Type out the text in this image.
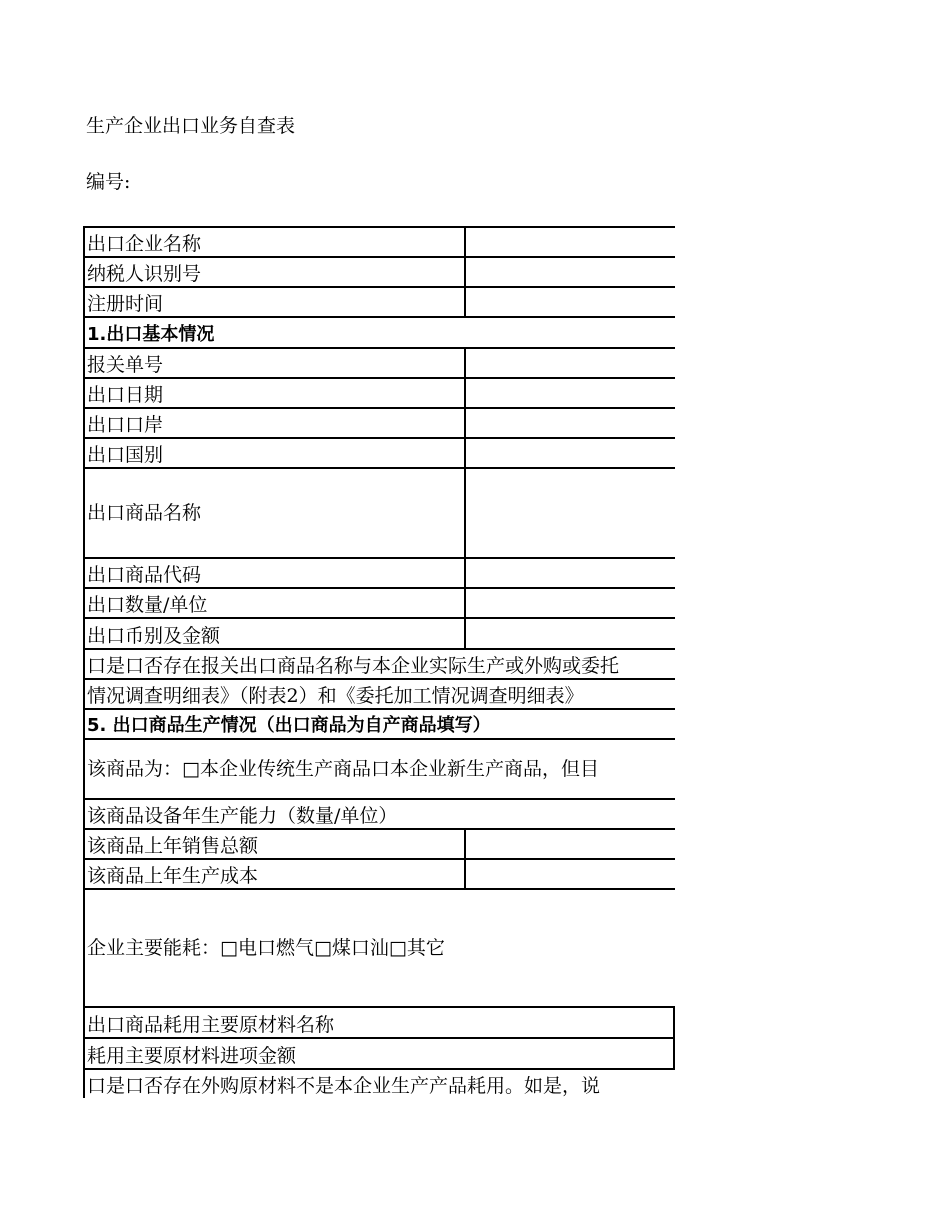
生产企业出口业务自查表
编号:
出口企业名称
纳税人识别号
注册时间
1.出口基本情况
报关单号
出口日期
出口口岸
出口国别
出口商品名称
出口商品代码
出口数量/单位
出口币别及金额
口是口否存在报关出口商品名称与本企业实际生产或外购或委托
情况调查明细表》（附表2）和《委托加工情况调查明细表》
5. 出口商品生产情况（出口商品为自产商品填写）
该商品为：□本企业传统生产商品口本企业新生产商品，但目
该商品设备年生产能力（数量/单位）
该商品上年销售总额
该商品上年生产成本
企业主要能耗：□电口燃气□煤口汕□其它
出口商品耗用主要原材料名称
耗用主要原材料进项金额
口是口否存在外购原材料不是本企业生产产品耗用。如是，说
